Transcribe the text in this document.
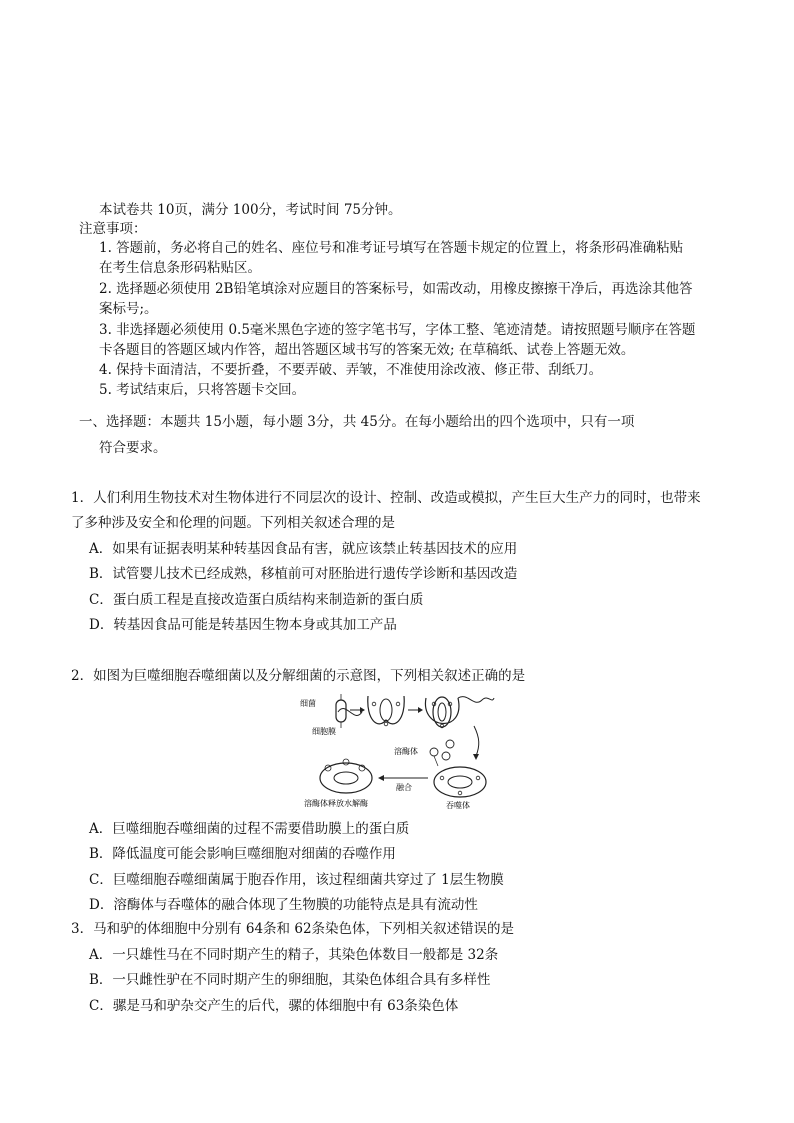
本试卷共 10页，满分 100分，考试时间 75分钟。
注意事项：
1. 答题前，务必将自己的姓名、座位号和准考证号填写在答题卡规定的位置上，将条形码准确粘贴
在考生信息条形码粘贴区。
2. 选择题必须使用 2B铅笔填涂对应题目的答案标号，如需改动，用橡皮擦擦干净后，再选涂其他答
案标号;。
3. 非选择题必须使用 0.5毫米黑色字迹的签字笔书写，字体工整、笔迹清楚。请按照题号顺序在答题
卡各题目的答题区域内作答，超出答题区域书写的答案无效; 在草稿纸、试卷上答题无效。
4. 保持卡面清洁，不要折叠，不要弄破、弄皱，不准使用涂改液、修正带、刮纸刀。
5. 考试结束后，只将答题卡交回。
一、选择题：本题共 15小题，每小题 3分，共 45分。在每小题给出的四个选项中，只有一项
符合要求。
1．人们利用生物技术对生物体进行不同层次的设计、控制、改造或模拟，产生巨大生产力的同时，也带来
了多种涉及安全和伦理的问题。下列相关叙述合理的是
A．如果有证据表明某种转基因食品有害，就应该禁止转基因技术的应用
B．试管婴儿技术已经成熟，移植前可对胚胎进行遗传学诊断和基因改造
C．蛋白质工程是直接改造蛋白质结构来制造新的蛋白质
D．转基因食品可能是转基因生物本身或其加工产品
2．如图为巨噬细胞吞噬细菌以及分解细菌的示意图，下列相关叙述正确的是
细菌
细胞膜
溶酶体
融合
吞噬体
溶酶体释放水解酶
A．巨噬细胞吞噬细菌的过程不需要借助膜上的蛋白质
B．降低温度可能会影响巨噬细胞对细菌的吞噬作用
C．巨噬细胞吞噬细菌属于胞吞作用，该过程细菌共穿过了 1层生物膜
D．溶酶体与吞噬体的融合体现了生物膜的功能特点是具有流动性
3．马和驴的体细胞中分别有 64条和 62条染色体，下列相关叙述错误的是
A．一只雄性马在不同时期产生的精子，其染色体数目一般都是 32条
B．一只雌性驴在不同时期产生的卵细胞，其染色体组合具有多样性
C．骡是马和驴杂交产生的后代，骡的体细胞中有 63条染色体
